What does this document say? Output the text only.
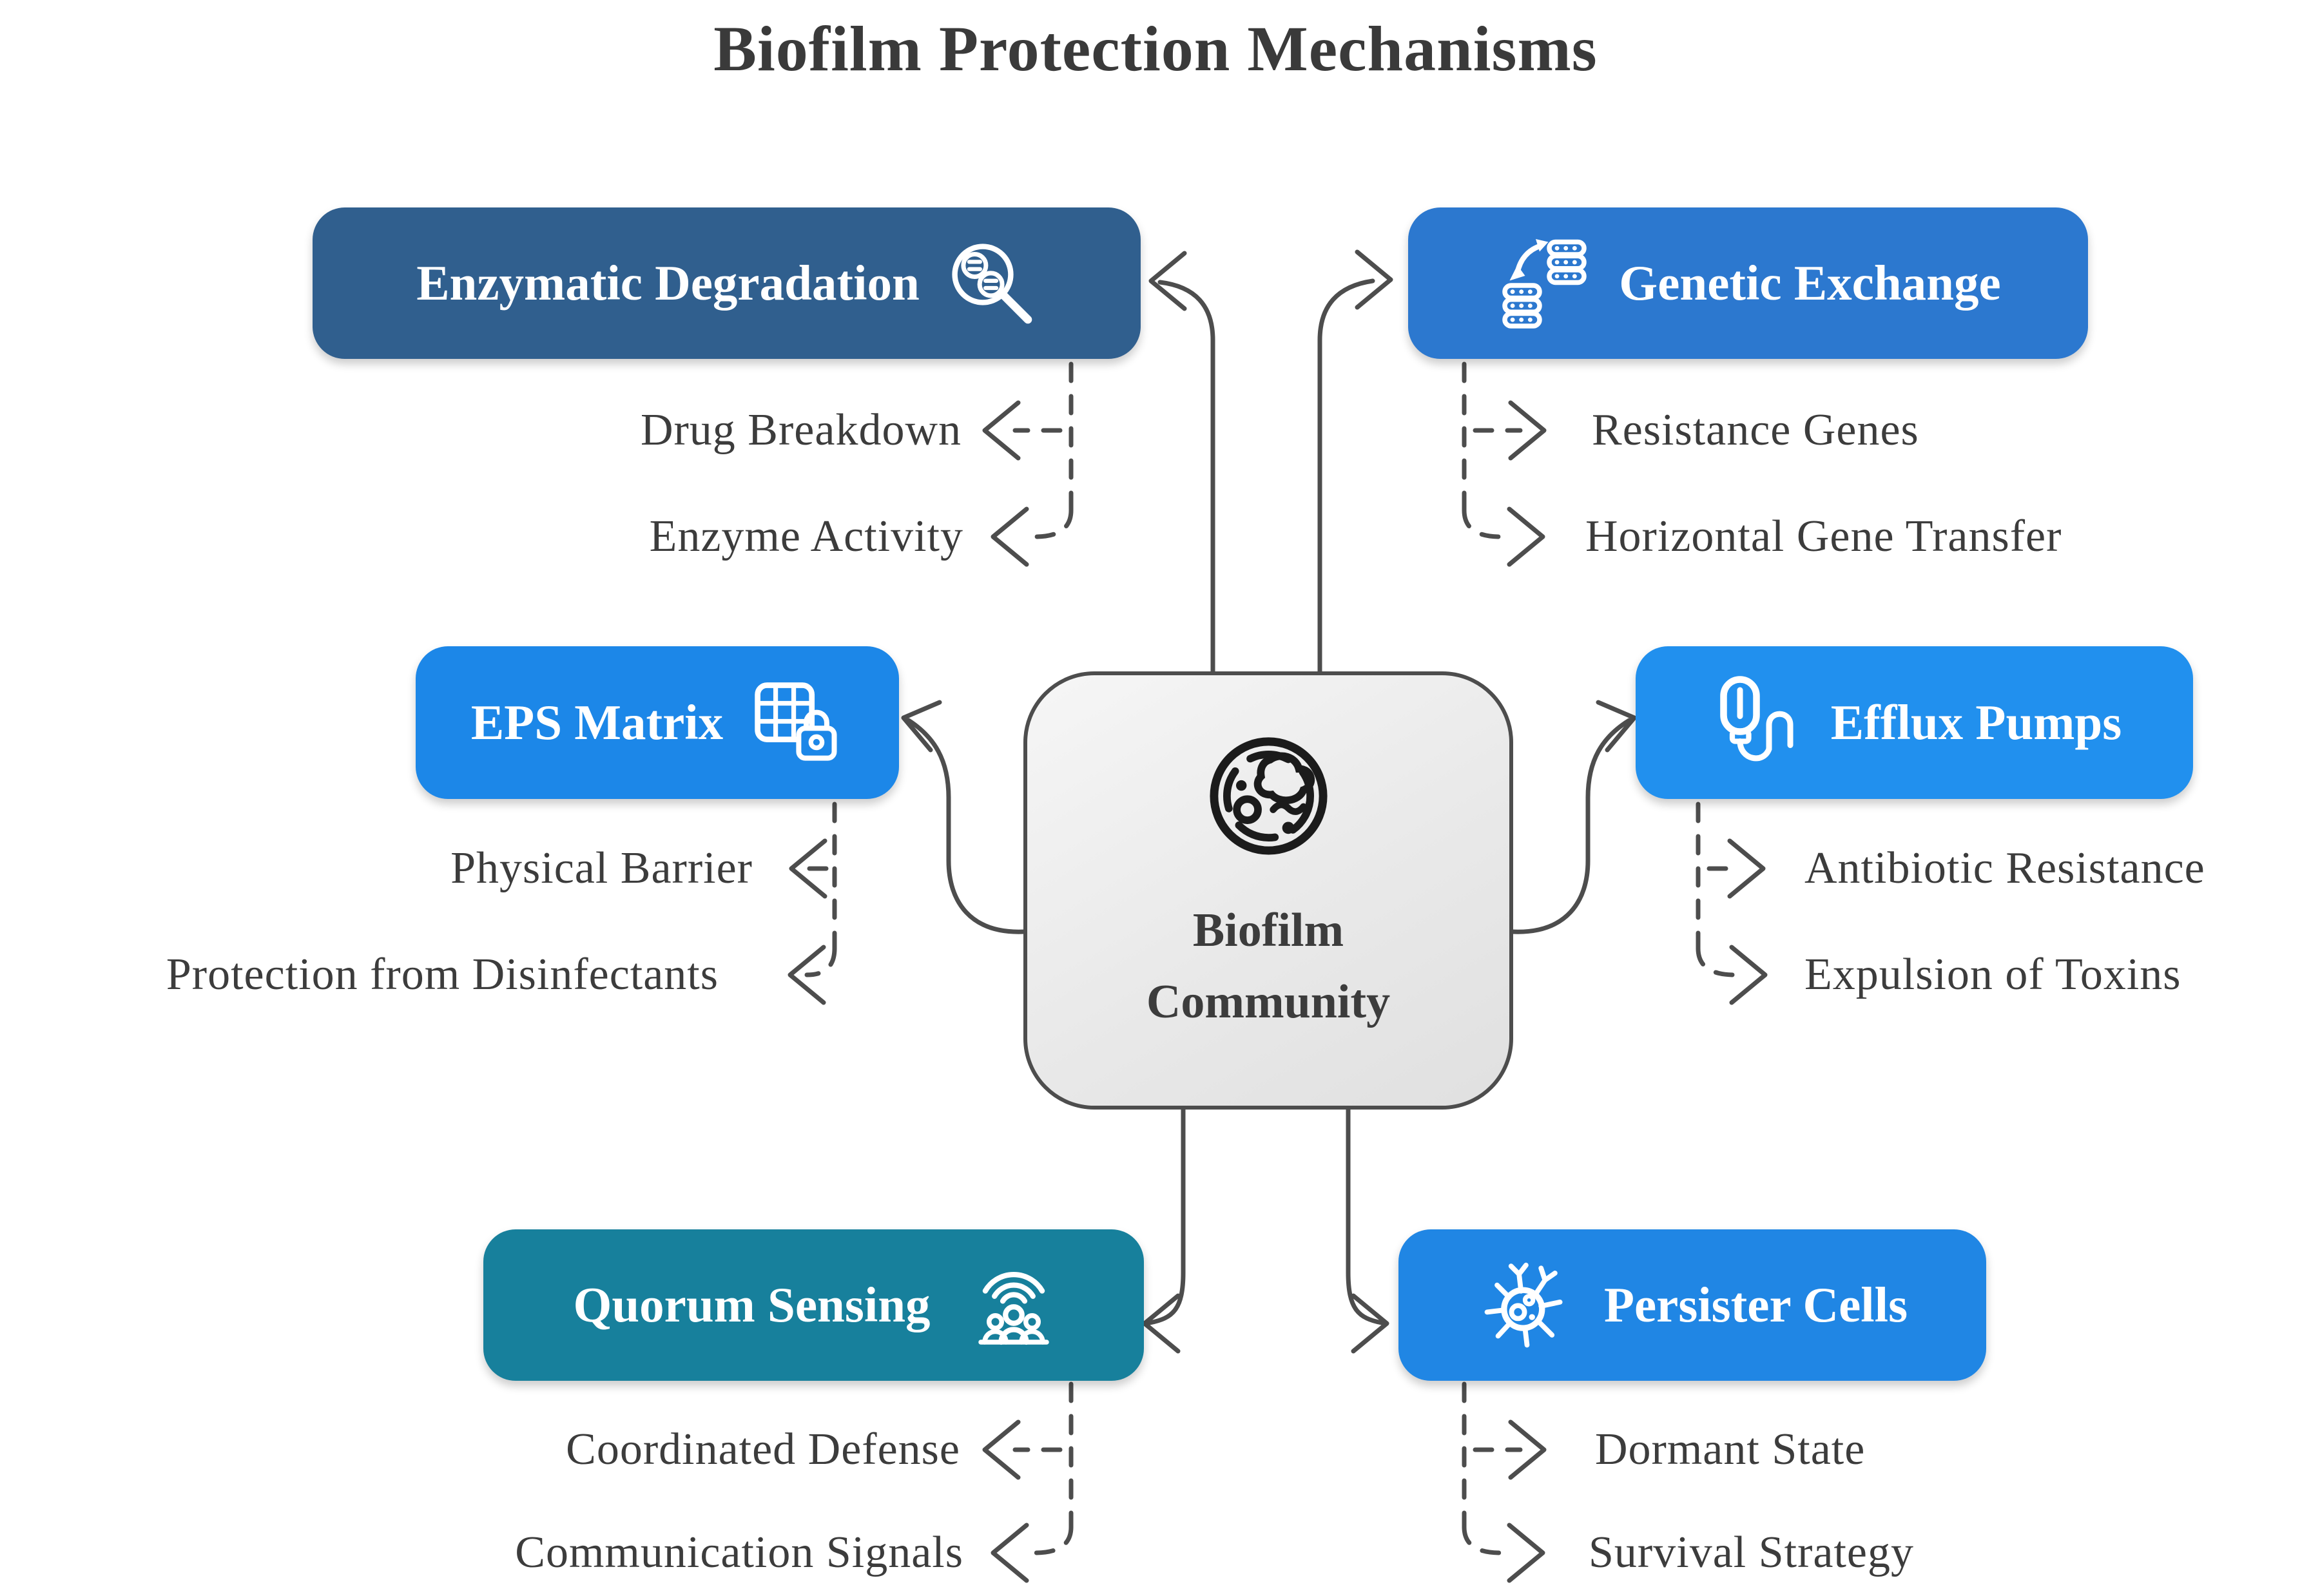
Biofilm Protection Mechanisms
Enzymatic Degradation	Genetic Exchange
EPS Matrix	Efflux Pumps
Quorum Sensing	Persister Cells
Biofilm
Community
Drug Breakdown
Enzyme Activity
Resistance Genes
Horizontal Gene Transfer
Physical Barrier
Protection from Disinfectants
Antibiotic Resistance
Expulsion of Toxins
Coordinated Defense
Communication Signals
Dormant State
Survival Strategy
